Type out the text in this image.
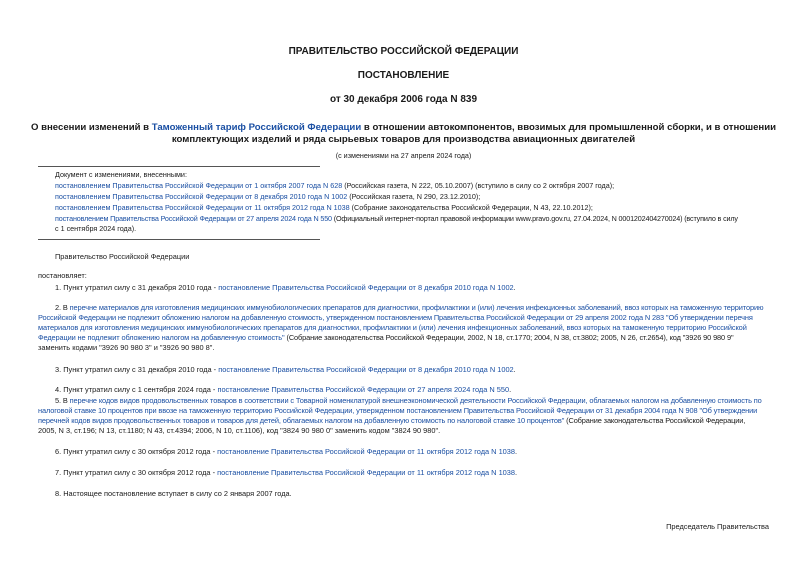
ПРАВИТЕЛЬСТВО РОССИЙСКОЙ ФЕДЕРАЦИИ
ПОСТАНОВЛЕНИЕ
от 30 декабря 2006 года N 839
О внесении изменений в Таможенный тариф Российской Федерации в отношении автокомпонентов, ввозимых для промышленной сборки, и в отношении
комплектующих изделий и ряда сырьевых товаров для производства авиационных двигателей
(с изменениями на 27 апреля 2024 года)
Документ с изменениями, внесенными:
постановлением Правительства Российской Федерации от 1 октября 2007 года N 628 (Российская газета, N 222, 05.10.2007) (вступило в силу со 2 октября 2007 года);
постановлением Правительства Российской Федерации от 8 декабря 2010 года N 1002 (Российская газета, N 290, 23.12.2010);
постановлением Правительства Российской Федерации от 11 октября 2012 года N 1038 (Собрание законодательства Российской Федерации, N 43, 22.10.2012);
постановлением Правительства Российской Федерации от 27 апреля 2024 года N 550 (Официальный интернет-портал правовой информации www.pravo.gov.ru, 27.04.2024, N 0001202404270024) (вступило в силу
с 1 сентября 2024 года).
Правительство Российской Федерации
постановляет:
1. Пункт утратил силу с 31 декабря 2010 года - постановление Правительства Российской Федерации от 8 декабря 2010 года N 1002.
2. В перечне материалов для изготовления медицинских иммунобиологических препаратов для диагностики, профилактики и (или) лечения инфекционных заболеваний, ввоз которых на таможенную территорию
Российской Федерации не подлежит обложению налогом на добавленную стоимость, утвержденном постановлением Правительства Российской Федерации от 29 апреля 2002 года N 283 "Об утверждении перечня
материалов для изготовления медицинских иммунобиологических препаратов для диагностики, профилактики и (или) лечения инфекционных заболеваний, ввоз которых на таможенную территорию Российской
Федерации не подлежит обложению налогом на добавленную стоимость" (Собрание законодательства Российской Федерации, 2002, N 18, ст.1770; 2004, N 38, ст.3802; 2005, N 26, ст.2654), код "3926 90 980 9"
заменить кодами "3926 90 980 3" и "3926 90 980 8".
3. Пункт утратил силу с 31 декабря 2010 года - постановление Правительства Российской Федерации от 8 декабря 2010 года N 1002.
4. Пункт утратил силу с 1 сентября 2024 года - постановление Правительства Российской Федерации от 27 апреля 2024 года N 550.
5. В перечне кодов видов продовольственных товаров в соответствии с Товарной номенклатурой внешнеэкономической деятельности Российской Федерации, облагаемых налогом на добавленную стоимость по
налоговой ставке 10 процентов при ввозе на таможенную территорию Российской Федерации, утвержденном постановлением Правительства Российской Федерации от 31 декабря 2004 года N 908 "Об утверждении
перечней кодов видов продовольственных товаров и товаров для детей, облагаемых налогом на добавленную стоимость по налоговой ставке 10 процентов" (Собрание законодательства Российской Федерации,
2005, N 3, ст.196; N 13, ст.1180; N 43, ст.4394; 2006, N 10, ст.1106), код "3824 90 980 0" заменить кодом "3824 90 980".
6. Пункт утратил силу с 30 октября 2012 года - постановление Правительства Российской Федерации от 11 октября 2012 года N 1038.
7. Пункт утратил силу с 30 октября 2012 года - постановление Правительства Российской Федерации от 11 октября 2012 года N 1038.
8. Настоящее постановление вступает в силу со 2 января 2007 года.
Председатель Правительства
